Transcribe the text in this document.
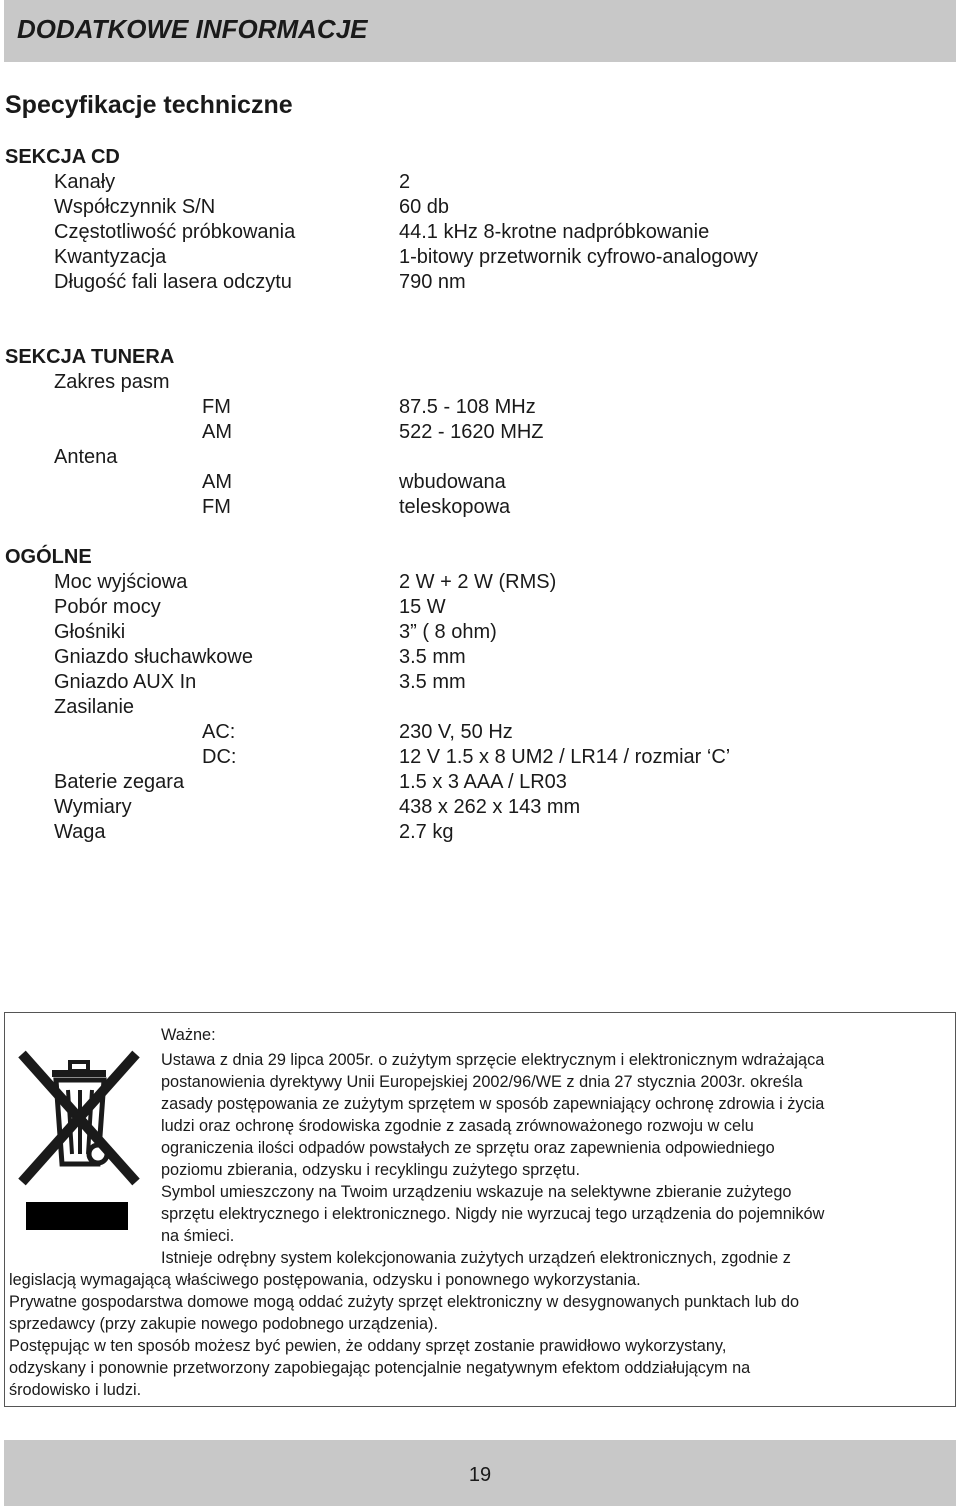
DODATKOWE INFORMACJE
Specyfikacje techniczne
SEKCJA CD
Kanały	2
Współczynnik S/N	60 db
Częstotliwość próbkowania	44.1 kHz 8-krotne nadpróbkowanie
Kwantyzacja	1-bitowy przetwornik cyfrowo-analogowy
Długość fali lasera odczytu	790 nm
SEKCJA TUNERA
Zakres pasm
FM	87.5 - 108 MHz
AM	522 - 1620 MHZ
Antena
AM	wbudowana
FM	teleskopowa
OGÓLNE
Moc wyjściowa	2 W + 2 W (RMS)
Pobór mocy	15 W
Głośniki	3” ( 8 ohm)
Gniazdo słuchawkowe	3.5 mm
Gniazdo AUX In	3.5 mm
Zasilanie
AC:	230 V, 50 Hz
DC:	12 V 1.5 x 8 UM2 / LR14 / rozmiar ‘C’
Baterie zegara	1.5 x 3 AAA / LR03
Wymiary	438 x 262 x 143 mm
Waga	2.7 kg
Ważne:
Ustawa z dnia 29 lipca 2005r. o zużytym sprzęcie elektrycznym i elektronicznym wdrażająca
postanowienia dyrektywy Unii Europejskiej 2002/96/WE z dnia 27 stycznia 2003r. określa
zasady postępowania ze zużytym sprzętem w sposób zapewniający ochronę zdrowia i życia
ludzi oraz ochronę środowiska zgodnie z zasadą zrównoważonego rozwoju w celu
ograniczenia ilości odpadów powstałych ze sprzętu oraz zapewnienia odpowiedniego
poziomu zbierania, odzysku i recyklingu zużytego sprzętu.
Symbol umieszczony na Twoim urządzeniu wskazuje na selektywne zbieranie zużytego
sprzętu elektrycznego i elektronicznego. Nigdy nie wyrzucaj tego urządzenia do pojemników
na śmieci.
Istnieje odrębny system kolekcjonowania zużytych urządzeń elektronicznych, zgodnie z
legislacją wymagającą właściwego postępowania, odzysku i ponownego wykorzystania.
Prywatne gospodarstwa domowe mogą oddać zużyty sprzęt elektroniczny w desygnowanych punktach lub do
sprzedawcy (przy zakupie nowego podobnego urządzenia).
Postępując w ten sposób możesz być pewien, że oddany sprzęt zostanie prawidłowo wykorzystany,
odzyskany i ponownie przetworzony zapobiegając potencjalnie negatywnym efektom oddziałującym na
środowisko i ludzi.
19
